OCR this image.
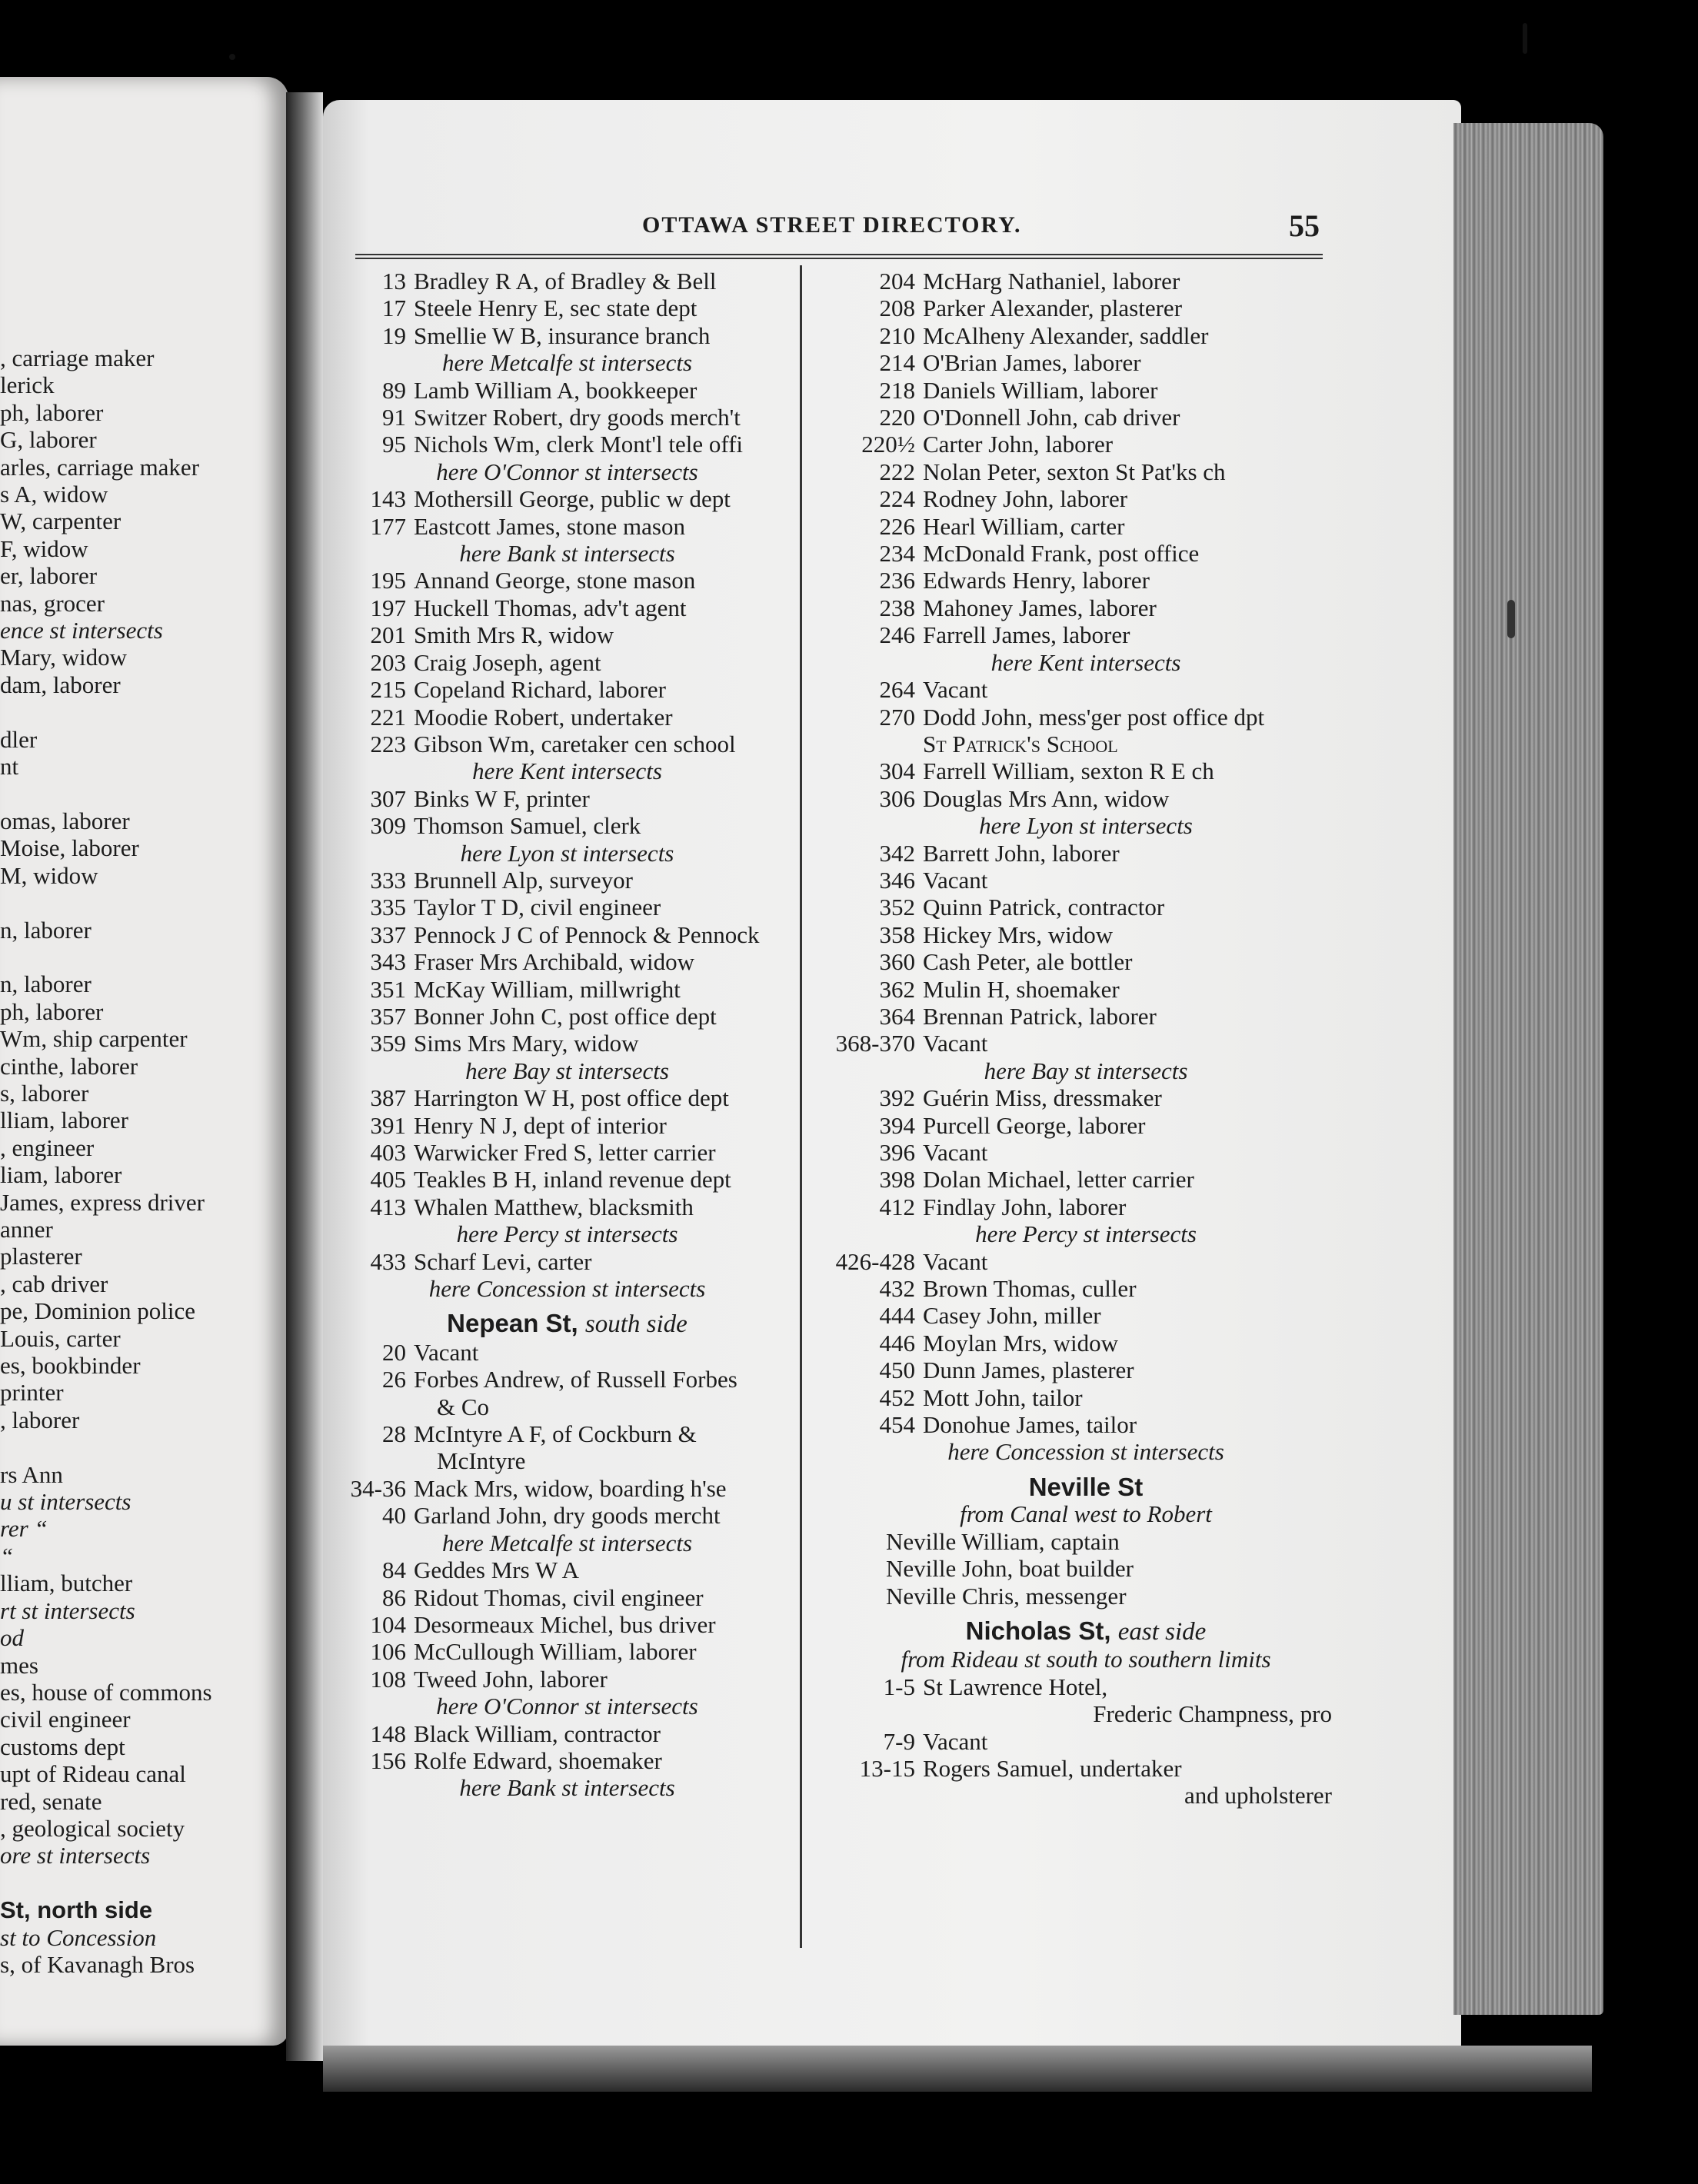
, carriage maker
lerick
ph, laborer
G, laborer
arles, carriage maker
s A, widow
W, carpenter
F, widow
er, laborer
nas, grocer
ence st intersects
Mary, widow
dam, laborer

dler
nt

omas, laborer
Moise, laborer
M, widow

n, laborer

n, laborer
ph, laborer
Wm, ship carpenter
cinthe, laborer
s, laborer
lliam, laborer
, engineer
liam, laborer
James, express driver
anner
plasterer
, cab driver
pe, Dominion police
Louis, carter
es, bookbinder
printer
, laborer

rs Ann
u st intersects
rer “
“
lliam, butcher
rt st intersects
od
mes
es, house of commons
civil engineer
customs dept
upt of Rideau canal
red, senate
, geological society
ore st intersects

St, north side
st to Concession
s, of Kavanagh Bros
OTTAWA STREET DIRECTORY.	55
13 Bradley R A, of Bradley & Bell
17 Steele Henry E, sec state dept
19 Smellie W B, insurance branch
here Metcalfe st intersects
89 Lamb William A, bookkeeper
91 Switzer Robert, dry goods merch't
95 Nichols Wm, clerk Mont'l tele offi
here O'Connor st intersects
143 Mothersill George, public w dept
177 Eastcott James, stone mason
here Bank st intersects
195 Annand George, stone mason
197 Huckell Thomas, adv't agent
201 Smith Mrs R, widow
203 Craig Joseph, agent
215 Copeland Richard, laborer
221 Moodie Robert, undertaker
223 Gibson Wm, caretaker cen school
here Kent intersects
307 Binks W F, printer
309 Thomson Samuel, clerk
here Lyon st intersects
333 Brunnell Alp, surveyor
335 Taylor T D, civil engineer
337 Pennock J C of Pennock & Pennock
343 Fraser Mrs Archibald, widow
351 McKay William, millwright
357 Bonner John C, post office dept
359 Sims Mrs Mary, widow
here Bay st intersects
387 Harrington W H, post office dept
391 Henry N J, dept of interior
403 Warwicker Fred S, letter carrier
405 Teakles B H, inland revenue dept
413 Whalen Matthew, blacksmith
here Percy st intersects
433 Scharf Levi, carter
here Concession st intersects
Nepean St, south side
20 Vacant
26 Forbes Andrew, of Russell Forbes
& Co
28 McIntyre A F, of Cockburn &
McIntyre
34-36 Mack Mrs, widow, boarding h'se
40 Garland John, dry goods mercht
here Metcalfe st intersects
84 Geddes Mrs W A
86 Ridout Thomas, civil engineer
104 Desormeaux Michel, bus driver
106 McCullough William, laborer
108 Tweed John, laborer
here O'Connor st intersects
148 Black William, contractor
156 Rolfe Edward, shoemaker
here Bank st intersects
204 McHarg Nathaniel, laborer
208 Parker Alexander, plasterer
210 McAlheny Alexander, saddler
214 O'Brian James, laborer
218 Daniels William, laborer
220 O'Donnell John, cab driver
220½ Carter John, laborer
222 Nolan Peter, sexton St Pat'ks ch
224 Rodney John, laborer
226 Hearl William, carter
234 McDonald Frank, post office
236 Edwards Henry, laborer
238 Mahoney James, laborer
246 Farrell James, laborer
here Kent intersects
264 Vacant
270 Dodd John, mess'ger post office dpt
St Patrick's School
304 Farrell William, sexton R E ch
306 Douglas Mrs Ann, widow
here Lyon st intersects
342 Barrett John, laborer
346 Vacant
352 Quinn Patrick, contractor
358 Hickey Mrs, widow
360 Cash Peter, ale bottler
362 Mulin H, shoemaker
364 Brennan Patrick, laborer
368-370 Vacant
here Bay st intersects
392 Guérin Miss, dressmaker
394 Purcell George, laborer
396 Vacant
398 Dolan Michael, letter carrier
412 Findlay John, laborer
here Percy st intersects
426-428 Vacant
432 Brown Thomas, culler
444 Casey John, miller
446 Moylan Mrs, widow
450 Dunn James, plasterer
452 Mott John, tailor
454 Donohue James, tailor
here Concession st intersects
Neville St
from Canal west to Robert
Neville William, captain
Neville John, boat builder
Neville Chris, messenger
Nicholas St, east side
from Rideau st south to southern limits
1-5 St Lawrence Hotel,
Frederic Champness, pro
7-9 Vacant
13-15 Rogers Samuel, undertaker
and upholsterer
